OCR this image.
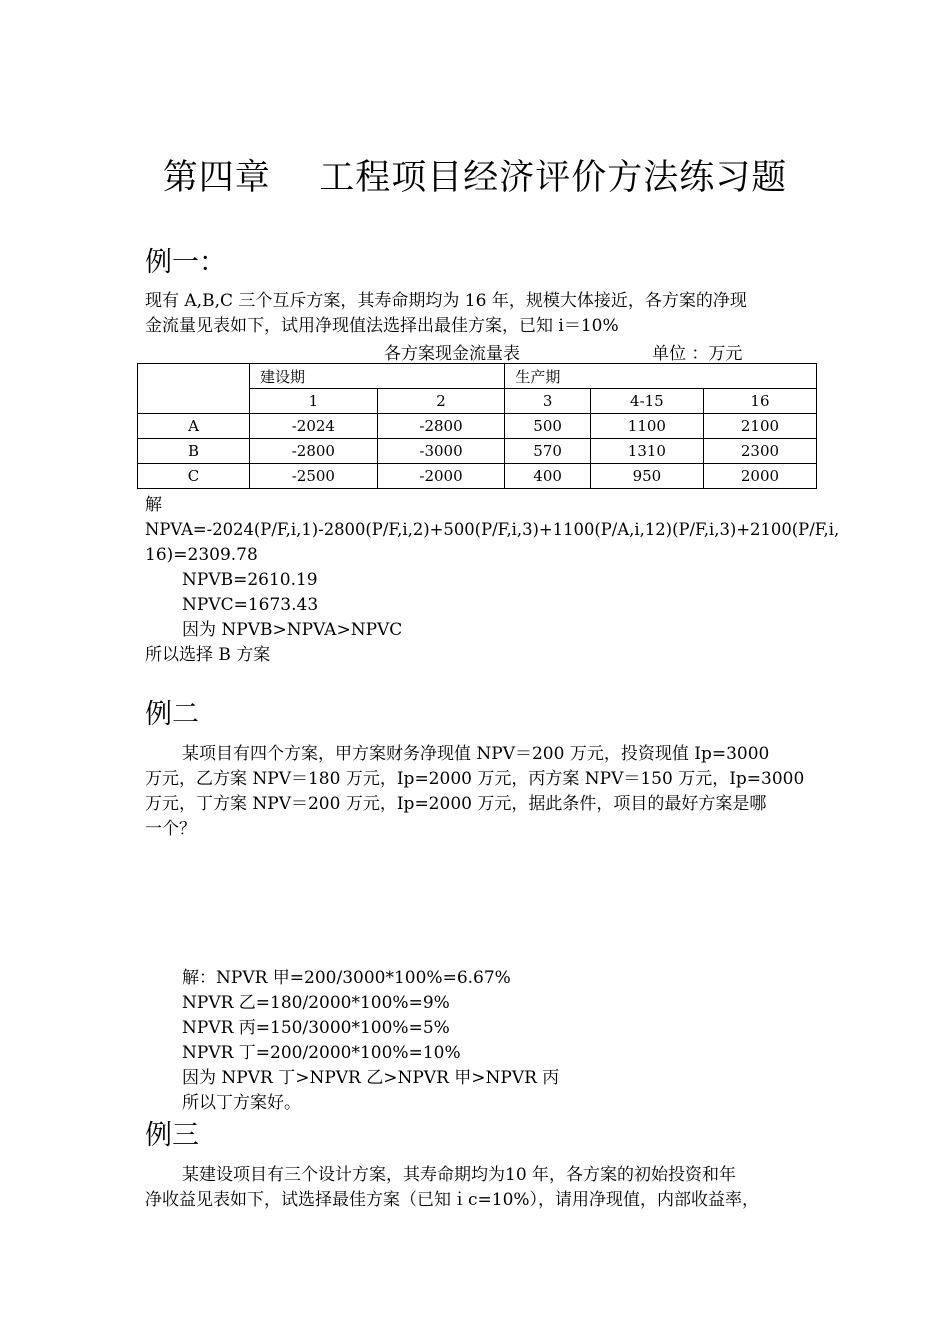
第四章    工程项目经济评价方法练习题
例一：
现有 A,B,C 三个互斥方案，其寿命期均为 16 年，规模大体接近，各方案的净现
金流量见表如下，试用净现值法选择出最佳方案，已知 i＝10%
各方案现金流量表	单位 ：万元
	建设期		生产期		
	1	2	3	4-15	16
A	-2024	-2800	500	1100	2100
B	-2800	-3000	570	1310	2300
C	-2500	-2000	400	950	2000
解
NPVA=-2024(P/F,i,1)-2800(P/F,i,2)+500(P/F,i,3)+1100(P/A,i,12)(P/F,i,3)+2100(P/F,i,
16)=2309.78
NPVB=2610.19
NPVC=1673.43
因为 NPVB>NPVA>NPVC
所以选择 B 方案
例二
某项目有四个方案，甲方案财务净现值 NPV＝200 万元，投资现值 Ip=3000
万元，乙方案 NPV＝180 万元，Ip=2000 万元，丙方案 NPV＝150 万元，Ip=3000
万元，丁方案 NPV＝200 万元，Ip=2000 万元，据此条件，项目的最好方案是哪
一个？
解：NPVR 甲=200/3000*100%=6.67%
NPVR 乙=180/2000*100%=9%
NPVR 丙=150/3000*100%=5%
NPVR 丁=200/2000*100%=10%
因为 NPVR 丁>NPVR 乙>NPVR 甲>NPVR 丙
所以丁方案好。
例三
某建设项目有三个设计方案，其寿命期均为10 年，各方案的初始投资和年
净收益见表如下，试选择最佳方案（已知ｉc=10%），请用净现值，内部收益率，
